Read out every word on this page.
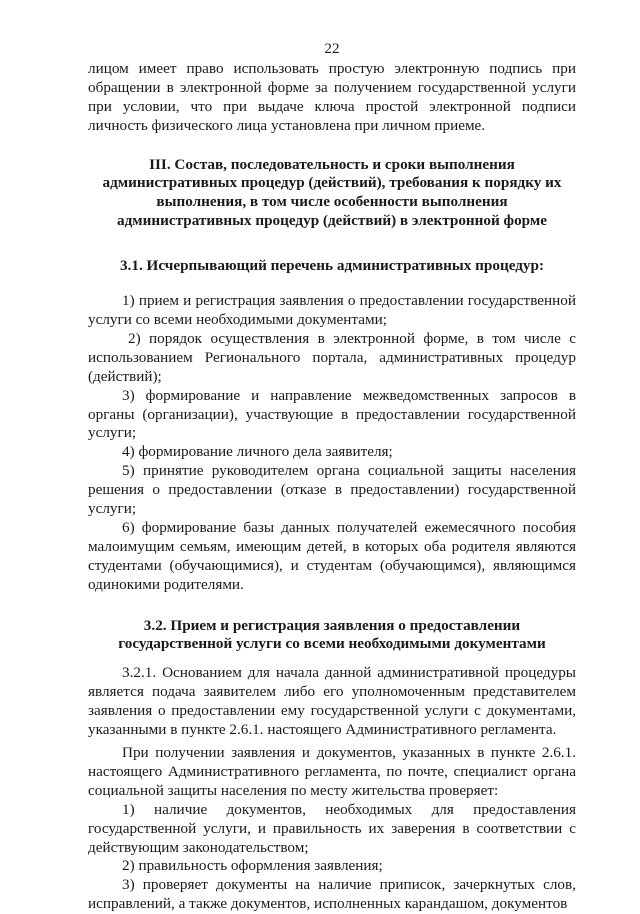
22

лицом имеет право использовать простую электронную подпись при обращении в электронной форме за получением государственной услуги при условии, что при выдаче ключа простой электронной подписи личность физического лица установлена при личном приеме.

III. Состав, последовательность и сроки выполнения административных процедур (действий), требования к порядку их выполнения, в том числе особенности выполнения административных процедур (действий) в электронной форме
3.1. Исчерпывающий перечень административных процедур:

1) прием и регистрация заявления о предоставлении государственной услуги со всеми необходимыми документами;

2) порядок осуществления в электронной форме, в том числе с использованием Регионального портала, административных процедур (действий);

3) формирование и направление межведомственных запросов в органы (организации), участвующие в предоставлении государственной услуги;

4) формирование личного дела заявителя;

5) принятие руководителем органа социальной защиты населения решения о предоставлении (отказе в предоставлении) государственной услуги;

6) формирование базы данных получателей ежемесячного пособия малоимущим семьям, имеющим детей, в которых оба родителя являются студентами (обучающимися), и студентам (обучающимся), являющимся одинокими родителями.

3.2. Прием и регистрация заявления о предоставлении государственной услуги со всеми необходимыми документами

3.2.1. Основанием для начала данной административной процедуры является подача заявителем либо его уполномоченным представителем заявления о предоставлении ему государственной услуги с документами, указанными в пункте 2.6.1. настоящего Административного регламента.

При получении заявления и документов, указанных в пункте 2.6.1. настоящего Административного регламента, по почте, специалист органа социальной защиты населения по месту жительства проверяет:

1) наличие документов, необходимых для предоставления государственной услуги, и правильность их заверения в соответствии с действующим законодательством;

2) правильность оформления заявления;

3) проверяет документы на наличие приписок, зачеркнутых слов, исправлений, а также документов, исполненных карандашом, документов
